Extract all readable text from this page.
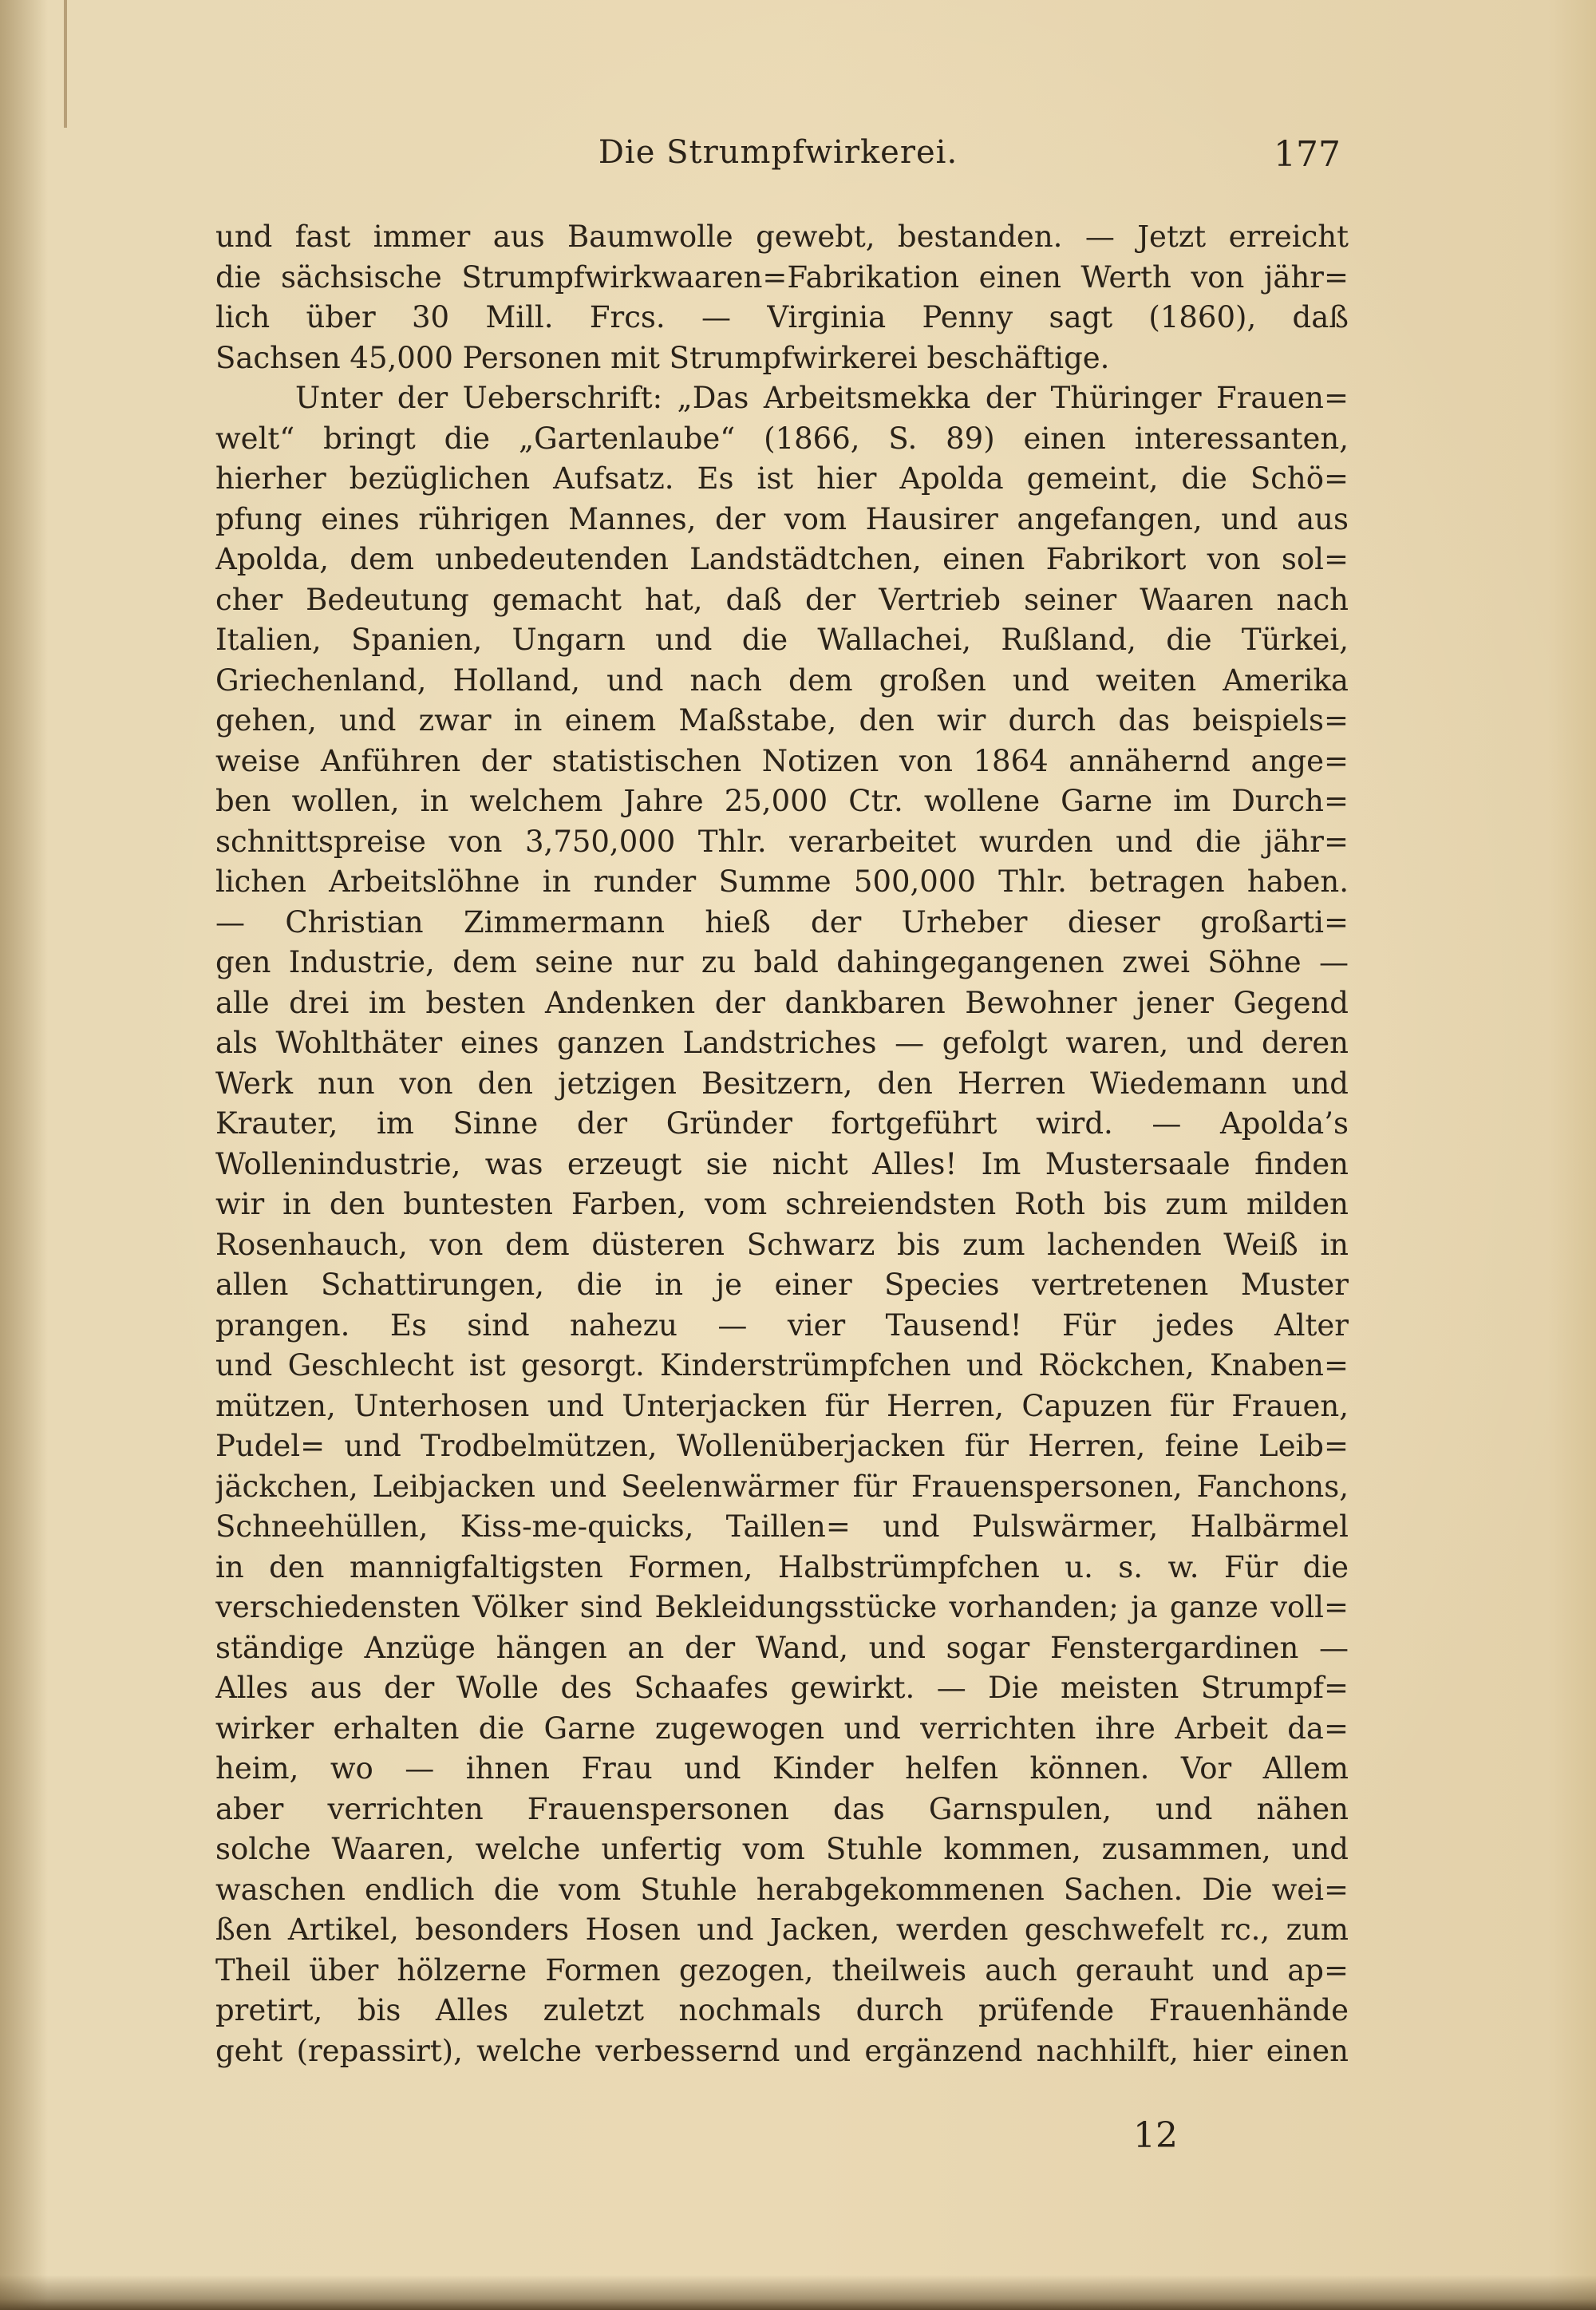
Die Strumpfwirkerei.	177
und fast immer aus Baumwolle gewebt, bestanden. — Jetzt erreicht
die sächsische Strumpfwirkwaaren=Fabrikation einen Werth von jähr=
lich über 30 Mill. Frcs. — Virginia Penny sagt (1860), daß
Sachsen 45,000 Personen mit Strumpfwirkerei beschäftige.
Unter der Ueberschrift: „Das Arbeitsmekka der Thüringer Frauen=
welt“ bringt die „Gartenlaube“ (1866, S. 89) einen interessanten,
hierher bezüglichen Aufsatz. Es ist hier Apolda gemeint, die Schö=
pfung eines rührigen Mannes, der vom Hausirer angefangen, und aus
Apolda, dem unbedeutenden Landstädtchen, einen Fabrikort von sol=
cher Bedeutung gemacht hat, daß der Vertrieb seiner Waaren nach
Italien, Spanien, Ungarn und die Wallachei, Rußland, die Türkei,
Griechenland, Holland, und nach dem großen und weiten Amerika
gehen, und zwar in einem Maßstabe, den wir durch das beispiels=
weise Anführen der statistischen Notizen von 1864 annähernd ange=
ben wollen, in welchem Jahre 25,000 Ctr. wollene Garne im Durch=
schnittspreise von 3,750,000 Thlr. verarbeitet wurden und die jähr=
lichen Arbeitslöhne in runder Summe 500,000 Thlr. betragen haben.
— Christian Zimmermann hieß der Urheber dieser großarti=
gen Industrie, dem seine nur zu bald dahingegangenen zwei Söhne —
alle drei im besten Andenken der dankbaren Bewohner jener Gegend
als Wohlthäter eines ganzen Landstriches — gefolgt waren, und deren
Werk nun von den jetzigen Besitzern, den Herren Wiedemann und
Krauter, im Sinne der Gründer fortgeführt wird. — Apolda’s
Wollenindustrie, was erzeugt sie nicht Alles! Im Mustersaale finden
wir in den buntesten Farben, vom schreiendsten Roth bis zum milden
Rosenhauch, von dem düsteren Schwarz bis zum lachenden Weiß in
allen Schattirungen, die in je einer Species vertretenen Muster
prangen. Es sind nahezu — vier Tausend! Für jedes Alter
und Geschlecht ist gesorgt. Kinderstrümpfchen und Röckchen, Knaben=
mützen, Unterhosen und Unterjacken für Herren, Capuzen für Frauen,
Pudel= und Trodbelmützen, Wollenüberjacken für Herren, feine Leib=
jäckchen, Leibjacken und Seelenwärmer für Frauenspersonen, Fanchons,
Schneehüllen, Kiss-me-quicks, Taillen= und Pulswärmer, Halbärmel
in den mannigfaltigsten Formen, Halbstrümpfchen u. s. w. Für die
verschiedensten Völker sind Bekleidungsstücke vorhanden; ja ganze voll=
ständige Anzüge hängen an der Wand, und sogar Fenstergardinen —
Alles aus der Wolle des Schaafes gewirkt. — Die meisten Strumpf=
wirker erhalten die Garne zugewogen und verrichten ihre Arbeit da=
heim, wo — ihnen Frau und Kinder helfen können. Vor Allem
aber verrichten Frauenspersonen das Garnspulen, und nähen
solche Waaren, welche unfertig vom Stuhle kommen, zusammen, und
waschen endlich die vom Stuhle herabgekommenen Sachen. Die wei=
ßen Artikel, besonders Hosen und Jacken, werden geschwefelt rc., zum
Theil über hölzerne Formen gezogen, theilweis auch gerauht und ap=
pretirt, bis Alles zuletzt nochmals durch prüfende Frauenhände
geht (repassirt), welche verbessernd und ergänzend nachhilft, hier einen
12
